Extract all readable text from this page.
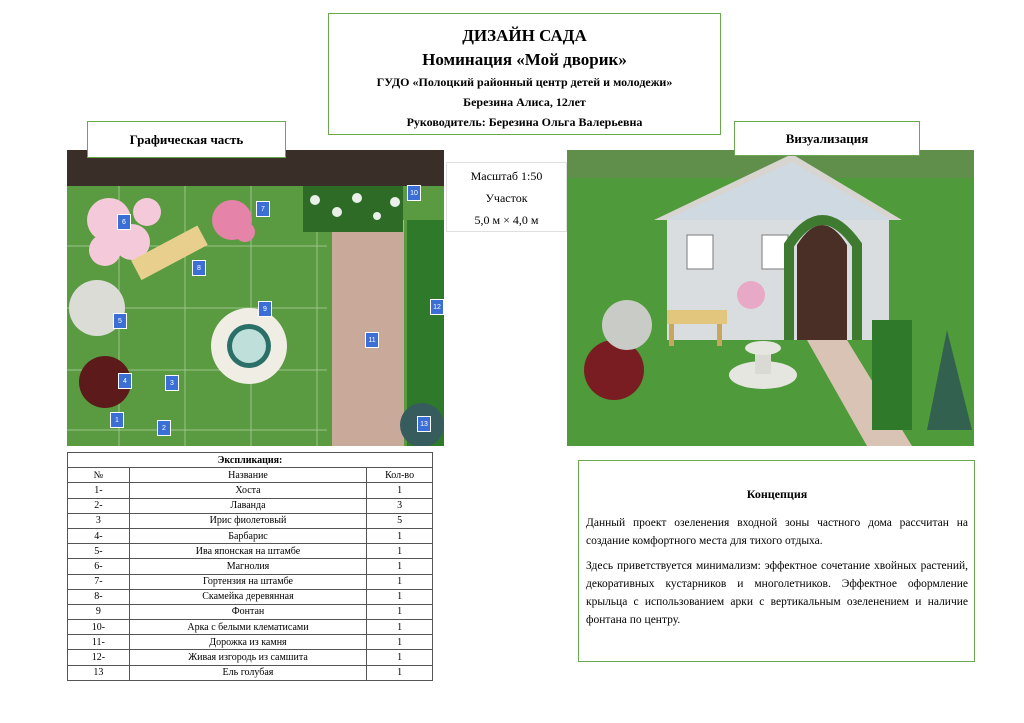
ДИЗАЙН САДА
Номинация «Мой дворик»
ГУДО «Полоцкий районный центр детей и молодежи»
Березина Алиса, 12лет
Руководитель: Березина Ольга Валерьевна
1
2
3
4
5
6
7
8
9
10
11
12
13
Графическая часть
Масштаб 1:50
Участок
5,0 м × 4,0 м
Визуализация
Экспликация:		
№	Название	Кол-во
1-	Хоста	1
2-	Лаванда	3
3	Ирис фиолетовый	5
4-	Барбарис	1
5-	Ива японская на штамбе	1
6-	Магнолия	1
7-	Гортензия на штамбе	1
8-	Скамейка деревянная	1
9	Фонтан	1
10-	Арка с белыми клематисами	1
11-	Дорожка из камня	1
12-	Живая изгородь из самшита	1
13	Ель голубая	1
Концепция

Данный проект озеленения входной зоны частного дома рассчитан на создание комфортного места для тихого отдыха.

Здесь приветствуется минимализм: эффектное сочетание хвойных растений, декоративных кустарников и многолетников. Эффектное оформление крыльца с использованием арки с вертикальным озеленением и наличие фонтана по центру.
